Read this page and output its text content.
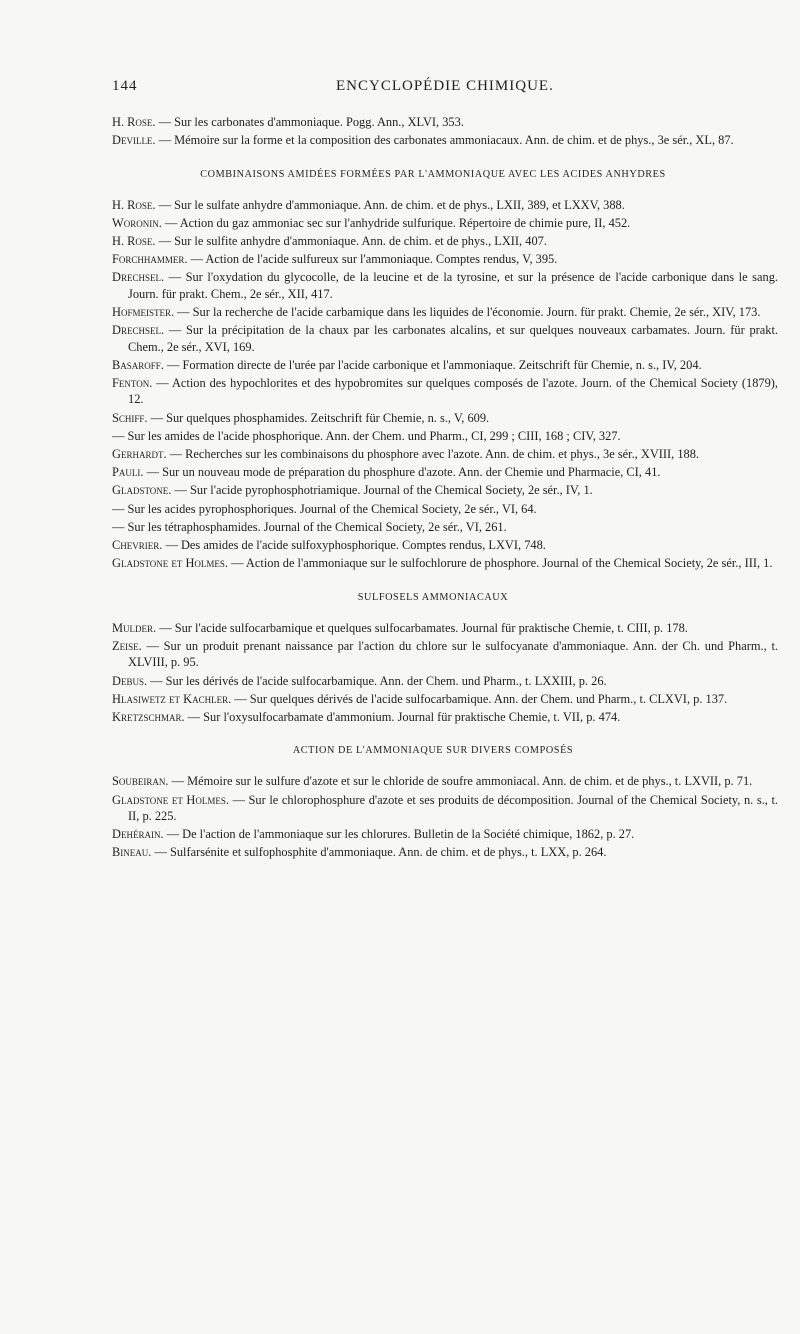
144	ENCYCLOPÉDIE CHIMIQUE.

H. Rose. — Sur les carbonates d'ammoniaque. Pogg. Ann., XLVI, 353.

Deville. — Mémoire sur la forme et la composition des carbonates ammoniacaux. Ann. de chim. et de phys., 3e sér., XL, 87.

COMBINAISONS AMIDÉES FORMÉES PAR L'AMMONIAQUE AVEC LES ACIDES ANHYDRES

H. Rose. — Sur le sulfate anhydre d'ammoniaque. Ann. de chim. et de phys., LXII, 389, et LXXV, 388.

Woronin. — Action du gaz ammoniac sec sur l'anhydride sulfurique. Répertoire de chimie pure, II, 452.

H. Rose. — Sur le sulfite anhydre d'ammoniaque. Ann. de chim. et de phys., LXII, 407.

Forchhammer. — Action de l'acide sulfureux sur l'ammoniaque. Comptes rendus, V, 395.

Drechsel. — Sur l'oxydation du glycocolle, de la leucine et de la tyrosine, et sur la présence de l'acide carbonique dans le sang. Journ. für prakt. Chem., 2e sér., XII, 417.

Hofmeister. — Sur la recherche de l'acide carbamique dans les liquides de l'économie. Journ. für prakt. Chemie, 2e sér., XIV, 173.

Drechsel. — Sur la précipitation de la chaux par les carbonates alcalins, et sur quelques nouveaux carbamates. Journ. für prakt. Chem., 2e sér., XVI, 169.

Basaroff. — Formation directe de l'urée par l'acide carbonique et l'ammoniaque. Zeitschrift für Chemie, n. s., IV, 204.

Fenton. — Action des hypochlorites et des hypobromites sur quelques composés de l'azote. Journ. of the Chemical Society (1879), 12.

Schiff. — Sur quelques phosphamides. Zeitschrift für Chemie, n. s., V, 609.

— Sur les amides de l'acide phosphorique. Ann. der Chem. und Pharm., CI, 299 ; CIII, 168 ; CIV, 327.

Gerhardt. — Recherches sur les combinaisons du phosphore avec l'azote. Ann. de chim. et phys., 3e sér., XVIII, 188.

Pauli. — Sur un nouveau mode de préparation du phosphure d'azote. Ann. der Chemie und Pharmacie, CI, 41.

Gladstone. — Sur l'acide pyrophosphotriamique. Journal of the Chemical Society, 2e sér., IV, 1.

— Sur les acides pyrophosphoriques. Journal of the Chemical Society, 2e sér., VI, 64.

— Sur les tétraphosphamides. Journal of the Chemical Society, 2e sér., VI, 261.

Chevrier. — Des amides de l'acide sulfoxyphosphorique. Comptes rendus, LXVI, 748.

Gladstone et Holmes. — Action de l'ammoniaque sur le sulfochlorure de phosphore. Journal of the Chemical Society, 2e sér., III, 1.

SULFOSELS AMMONIACAUX

Mulder. — Sur l'acide sulfocarbamique et quelques sulfocarbamates. Journal für praktische Chemie, t. CIII, p. 178.

Zeise. — Sur un produit prenant naissance par l'action du chlore sur le sulfocyanate d'ammoniaque. Ann. der Ch. und Pharm., t. XLVIII, p. 95.

Debus. — Sur les dérivés de l'acide sulfocarbamique. Ann. der Chem. und Pharm., t. LXXIII, p. 26.

Hlasiwetz et Kachler. — Sur quelques dérivés de l'acide sulfocarbamique. Ann. der Chem. und Pharm., t. CLXVI, p. 137.

Kretzschmar. — Sur l'oxysulfocarbamate d'ammonium. Journal für praktische Chemie, t. VII, p. 474.

ACTION DE L'AMMONIAQUE SUR DIVERS COMPOSÉS

Soubeiran. — Mémoire sur le sulfure d'azote et sur le chloride de soufre ammoniacal. Ann. de chim. et de phys., t. LXVII, p. 71.

Gladstone et Holmes. — Sur le chlorophosphure d'azote et ses produits de décomposition. Journal of the Chemical Society, n. s., t. II, p. 225.

Dehérain. — De l'action de l'ammoniaque sur les chlorures. Bulletin de la Société chimique, 1862, p. 27.

Bineau. — Sulfarsénite et sulfophosphite d'ammoniaque. Ann. de chim. et de phys., t. LXX, p. 264.
